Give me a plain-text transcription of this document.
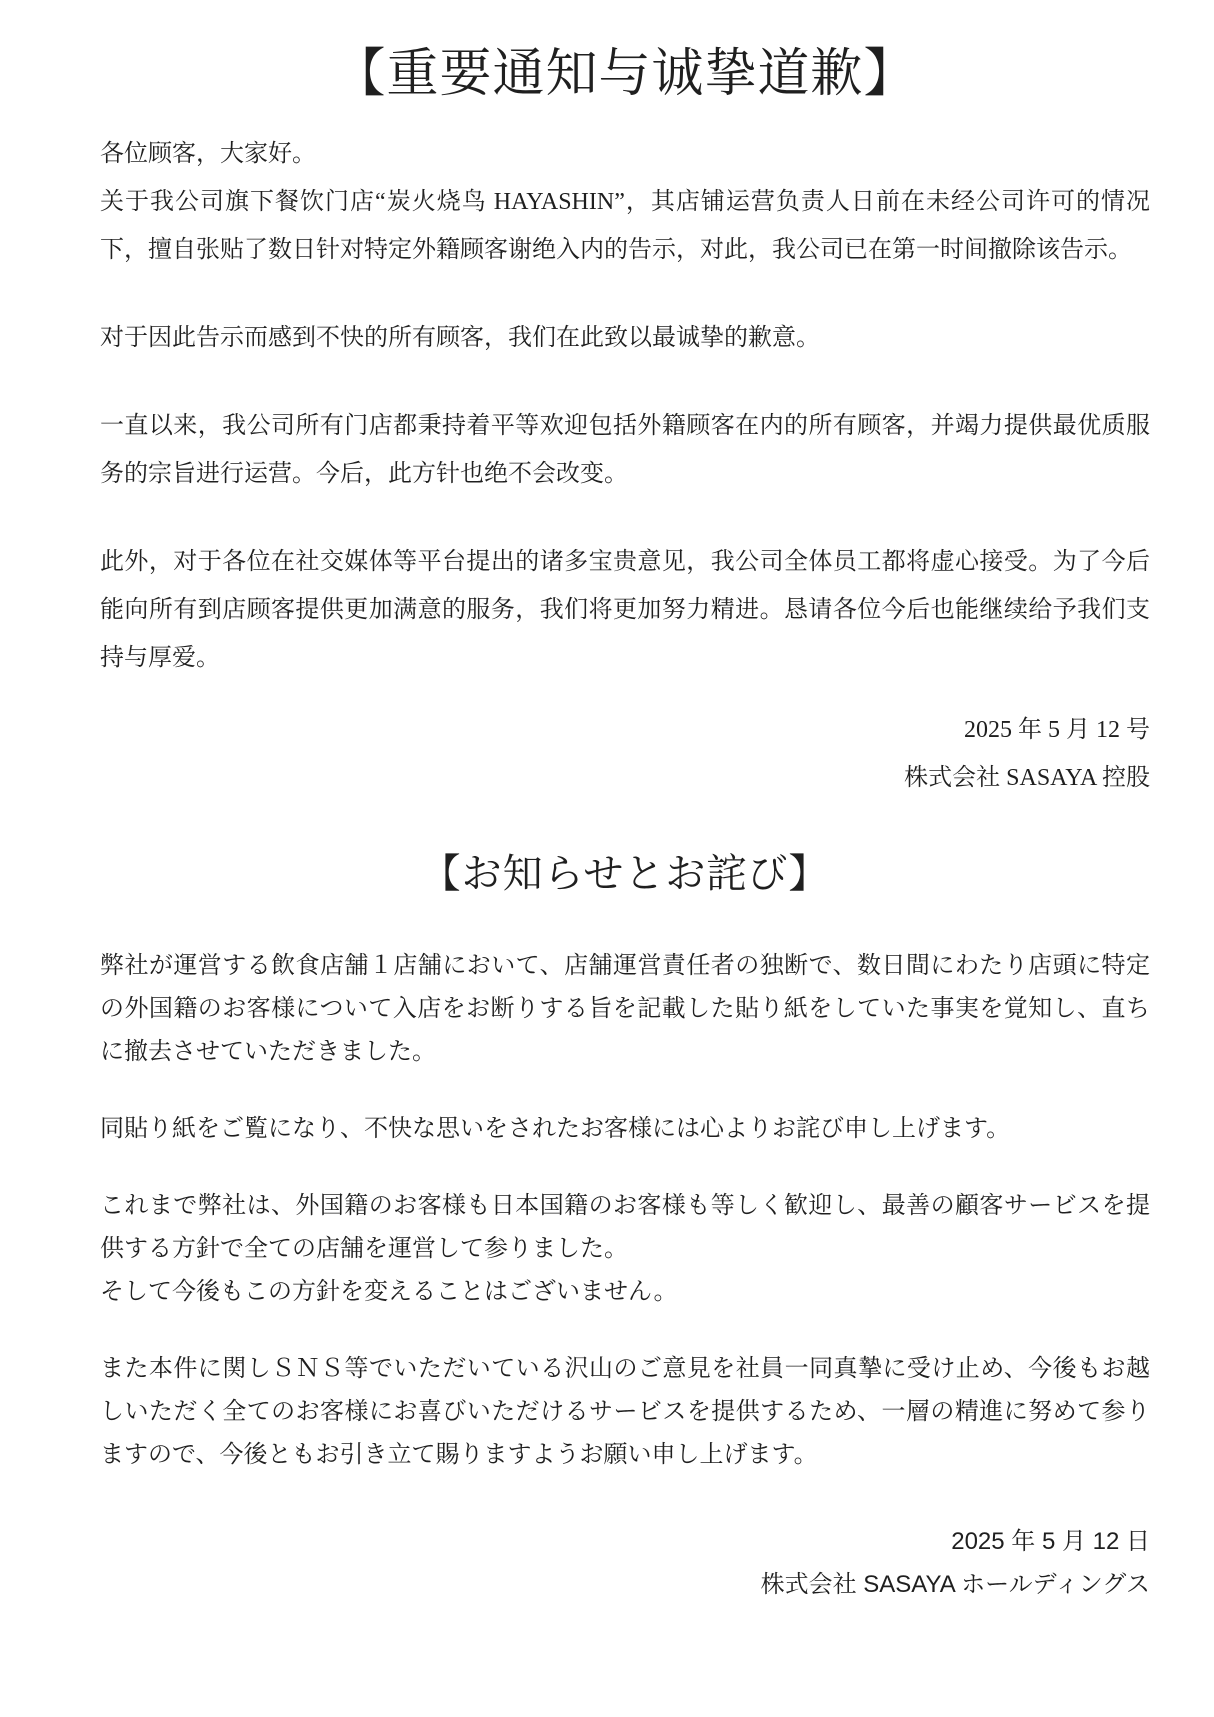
【重要通知与诚挚道歉】

各位顾客，大家好。

关于我公司旗下餐饮门店“炭火烧鸟 HAYASHIN”，其店铺运营负责人日前在未经公司许可的情况下，擅自张贴了数日针对特定外籍顾客谢绝入内的告示，对此，我公司已在第一时间撤除该告示。

对于因此告示而感到不快的所有顾客，我们在此致以最诚挚的歉意。

一直以来，我公司所有门店都秉持着平等欢迎包括外籍顾客在内的所有顾客，并竭力提供最优质服务的宗旨进行运营。今后，此方针也绝不会改变。

此外，对于各位在社交媒体等平台提出的诸多宝贵意见，我公司全体员工都将虚心接受。为了今后能向所有到店顾客提供更加满意的服务，我们将更加努力精进。恳请各位今后也能继续给予我们支持与厚爱。

2025 年 5 月 12 号

株式会社 SASAYA 控股

【お知らせとお詫び】

弊社が運営する飲食店舗１店舗において、店舗運営責任者の独断で、数日間にわたり店頭に特定の外国籍のお客様について入店をお断りする旨を記載した貼り紙をしていた事実を覚知し、直ちに撤去させていただきました。

同貼り紙をご覧になり、不快な思いをされたお客様には心よりお詫び申し上げます。

これまで弊社は、外国籍のお客様も日本国籍のお客様も等しく歓迎し、最善の顧客サービスを提供する方針で全ての店舗を運営して参りました。

そして今後もこの方針を変えることはございません。

また本件に関しＳＮＳ等でいただいている沢山のご意見を社員一同真摯に受け止め、今後もお越しいただく全てのお客様にお喜びいただけるサービスを提供するため、一層の精進に努めて参りますので、今後ともお引き立て賜りますようお願い申し上げます。

2025 年 5 月 12 日

株式会社 SASAYA ホールディングス
